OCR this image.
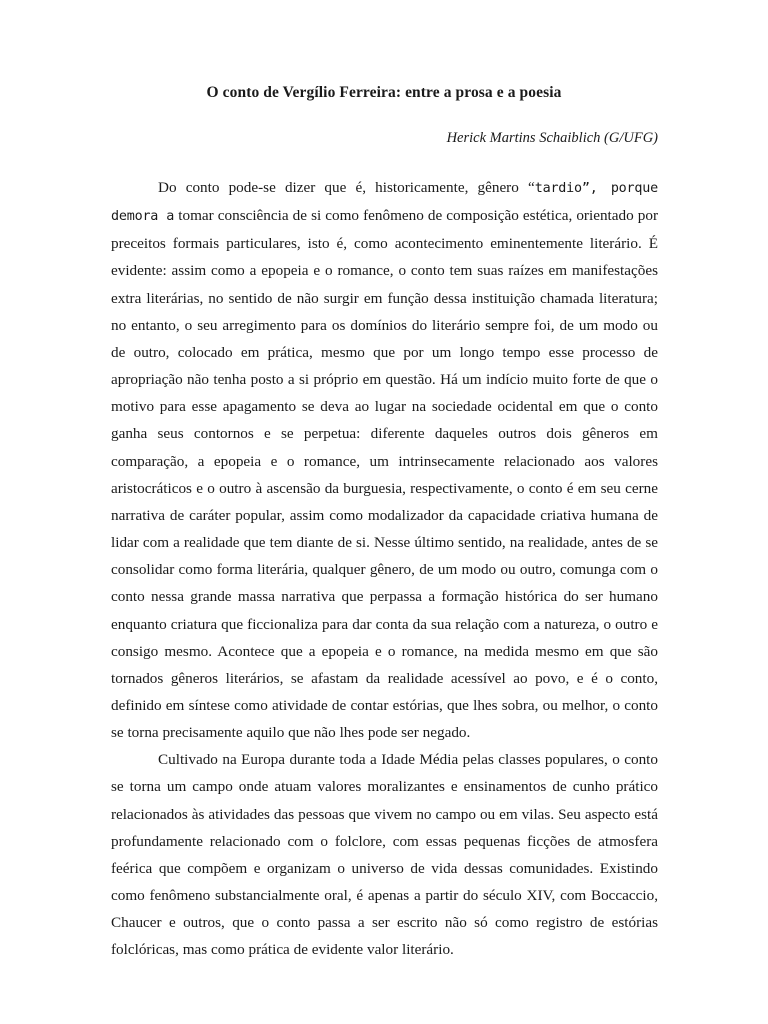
O conto de Vergílio Ferreira: entre a prosa e a poesia
Herick Martins Schaiblich (G/UFG)

Do conto pode-se dizer que é, historicamente, gênero “tardio”, porque demora a tomar consciência de si como fenômeno de composição estética, orientado por preceitos formais particulares, isto é, como acontecimento eminentemente literário. É evidente: assim como a epopeia e o romance, o conto tem suas raízes em manifestações extra literárias, no sentido de não surgir em função dessa instituição chamada literatura; no entanto, o seu arregimento para os domínios do literário sempre foi, de um modo ou de outro, colocado em prática, mesmo que por um longo tempo esse processo de apropriação não tenha posto a si próprio em questão. Há um indício muito forte de que o motivo para esse apagamento se deva ao lugar na sociedade ocidental em que o conto ganha seus contornos e se perpetua: diferente daqueles outros dois gêneros em comparação, a epopeia e o romance, um intrinsecamente relacionado aos valores aristocráticos e o outro à ascensão da burguesia, respectivamente, o conto é em seu cerne narrativa de caráter popular, assim como modalizador da capacidade criativa humana de lidar com a realidade que tem diante de si. Nesse último sentido, na realidade, antes de se consolidar como forma literária, qualquer gênero, de um modo ou outro, comunga com o conto nessa grande massa narrativa que perpassa a formação histórica do ser humano enquanto criatura que ficcionaliza para dar conta da sua relação com a natureza, o outro e consigo mesmo. Acontece que a epopeia e o romance, na medida mesmo em que são tornados gêneros literários, se afastam da realidade acessível ao povo, e é o conto, definido em síntese como atividade de contar estórias, que lhes sobra, ou melhor, o conto se torna precisamente aquilo que não lhes pode ser negado.

Cultivado na Europa durante toda a Idade Média pelas classes populares, o conto se torna um campo onde atuam valores moralizantes e ensinamentos de cunho prático relacionados às atividades das pessoas que vivem no campo ou em vilas. Seu aspecto está profundamente relacionado com o folclore, com essas pequenas ficções de atmosfera feérica que compõem e organizam o universo de vida dessas comunidades. Existindo como fenômeno substancialmente oral, é apenas a partir do século XIV, com Boccaccio, Chaucer e outros, que o conto passa a ser escrito não só como registro de estórias folclóricas, mas como prática de evidente valor literário.
